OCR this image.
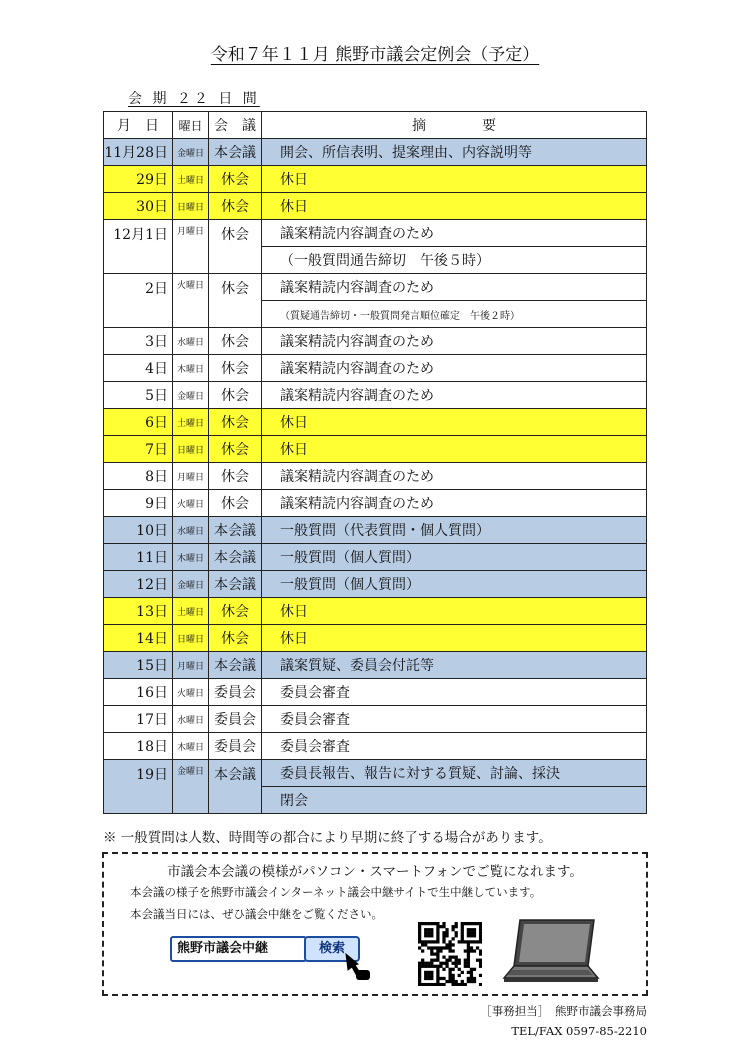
令和７年１１月 熊野市議会定例会（予定）
会 期 ２２ 日 間
月　日	曜日	会　議	摘　　　　要
11月28日	金曜日	本会議	開会、所信表明、提案理由、内容説明等
29日	土曜日	休会	休日
30日	日曜日	休会	休日
12月1日	月曜日	休会	議案精読内容調査のため
			（一般質問通告締切　午後５時）
2日	火曜日	休会	議案精読内容調査のため
			（質疑通告締切・一般質問発言順位確定　午後２時）
3日	水曜日	休会	議案精読内容調査のため
4日	木曜日	休会	議案精読内容調査のため
5日	金曜日	休会	議案精読内容調査のため
6日	土曜日	休会	休日
7日	日曜日	休会	休日
8日	月曜日	休会	議案精読内容調査のため
9日	火曜日	休会	議案精読内容調査のため
10日	水曜日	本会議	一般質問（代表質問・個人質問）
11日	木曜日	本会議	一般質問（個人質問）
12日	金曜日	本会議	一般質問（個人質問）
13日	土曜日	休会	休日
14日	日曜日	休会	休日
15日	月曜日	本会議	議案質疑、委員会付託等
16日	火曜日	委員会	委員会審査
17日	水曜日	委員会	委員会審査
18日	木曜日	委員会	委員会審査
19日	金曜日	本会議	委員長報告、報告に対する質疑、討論、採決
			閉会
※ 一般質問は人数、時間等の都合により早期に終了する場合があります。
市議会本会議の模様がパソコン・スマートフォンでご覧になれます。
本会議の様子を熊野市議会インターネット議会中継サイトで生中継しています。
本会議当日には、ぜひ議会中継をご覧ください。
熊野市議会中継	検索
［事務担当］　熊野市議会事務局
TEL/FAX 0597-85-2210
